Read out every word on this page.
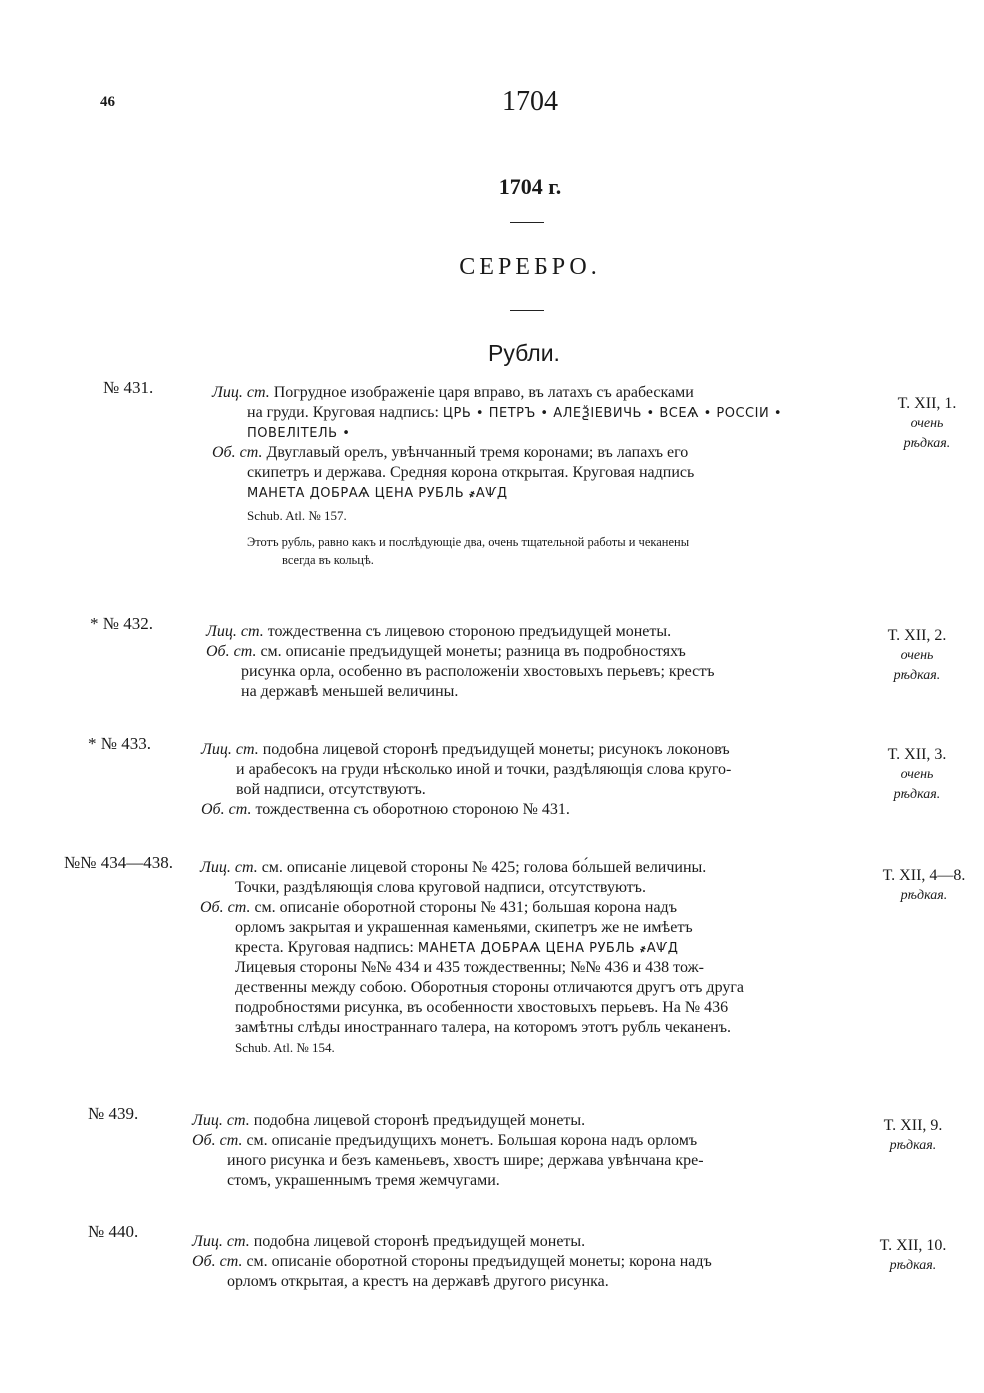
46	1704
1704 г.
СЕРЕБРО.
Рубли.
№ 431.	Лиц. ст. Погрудное изображеніе царя вправо, въ латахъ съ арабесками
на груди. Круговая надпись: ЦРЬ • ПЕТРЪ • АЛЕѮІЕВИЧЬ • ВСЕѦ • РОССІИ •
ПОВЕЛІТЕЛЬ •
Об. ст. Двуглавый орелъ, увѣнчанный тремя коронами; въ лапахъ его
скипетръ и держава. Средняя корона открытая. Круговая надпись
МАНЕТА ДОБРАѦ ЦЕНА РУБЛЬ ҂АѰД
Schub. Atl. № 157.
Этотъ рубль, равно какъ и послѣдующіе два, очень тщательной работы и чеканены
всегда въ кольцѣ.
T. XII, 1.
очень
рѣдкая.
* № 432.	Лиц. ст. тождественна съ лицевою стороною предъидущей монеты.
Об. ст. см. описаніе предъидущей монеты; разница въ подробностяхъ
рисунка орла, особенно въ расположеніи хвостовыхъ перьевъ; крестъ
на державѣ меньшей величины.
T. XII, 2.
очень
рѣдкая.
* № 433.	Лиц. ст. подобна лицевой сторонѣ предъидущей монеты; рисунокъ локоновъ
и арабесокъ на груди нѣсколько иной и точки, раздѣляющія слова круго-
вой надписи, отсутствуютъ.
Об. ст. тождественна съ оборотною стороною № 431.
T. XII, 3.
очень
рѣдкая.
№№ 434—438. Лиц. ст. см. описаніе лицевой стороны № 425; голова бо́льшей величины.
Точки, раздѣляющія слова круговой надписи, отсутствуютъ.
Об. ст. см. описаніе оборотной стороны № 431; большая корона надъ
орломъ закрытая и украшенная каменьями, скипетръ же не имѣетъ
креста. Круговая надпись: МАНЕТА ДОБРАѦ ЦЕНА РУБЛЬ ҂АѰД
Лицевыя стороны №№ 434 и 435 тождественны; №№ 436 и 438 тож-
дественны между собою. Оборотныя стороны отличаются другъ отъ друга
подробностями рисунка, въ особенности хвостовыхъ перьевъ. На № 436
замѣтны слѣды иностраннаго талера, на которомъ этотъ рубль чеканенъ.
Schub. Atl. № 154.
T. XII, 4—8.
рѣдкая.
№ 439.	Лиц. ст. подобна лицевой сторонѣ предъидущей монеты.
Об. ст. см. описаніе предъидущихъ монетъ. Большая корона надъ орломъ
иного рисунка и безъ каменьевъ, хвостъ шире; держава увѣнчана кре-
стомъ, украшеннымъ тремя жемчугами.
T. XII, 9.
рѣдкая.
№ 440.
Лиц. ст. подобна лицевой сторонѣ предъидущей монеты.
Об. ст. см. описаніе оборотной стороны предъидущей монеты; корона надъ
орломъ открытая, а крестъ на державѣ другого рисунка.
T. XII, 10.
рѣдкая.
